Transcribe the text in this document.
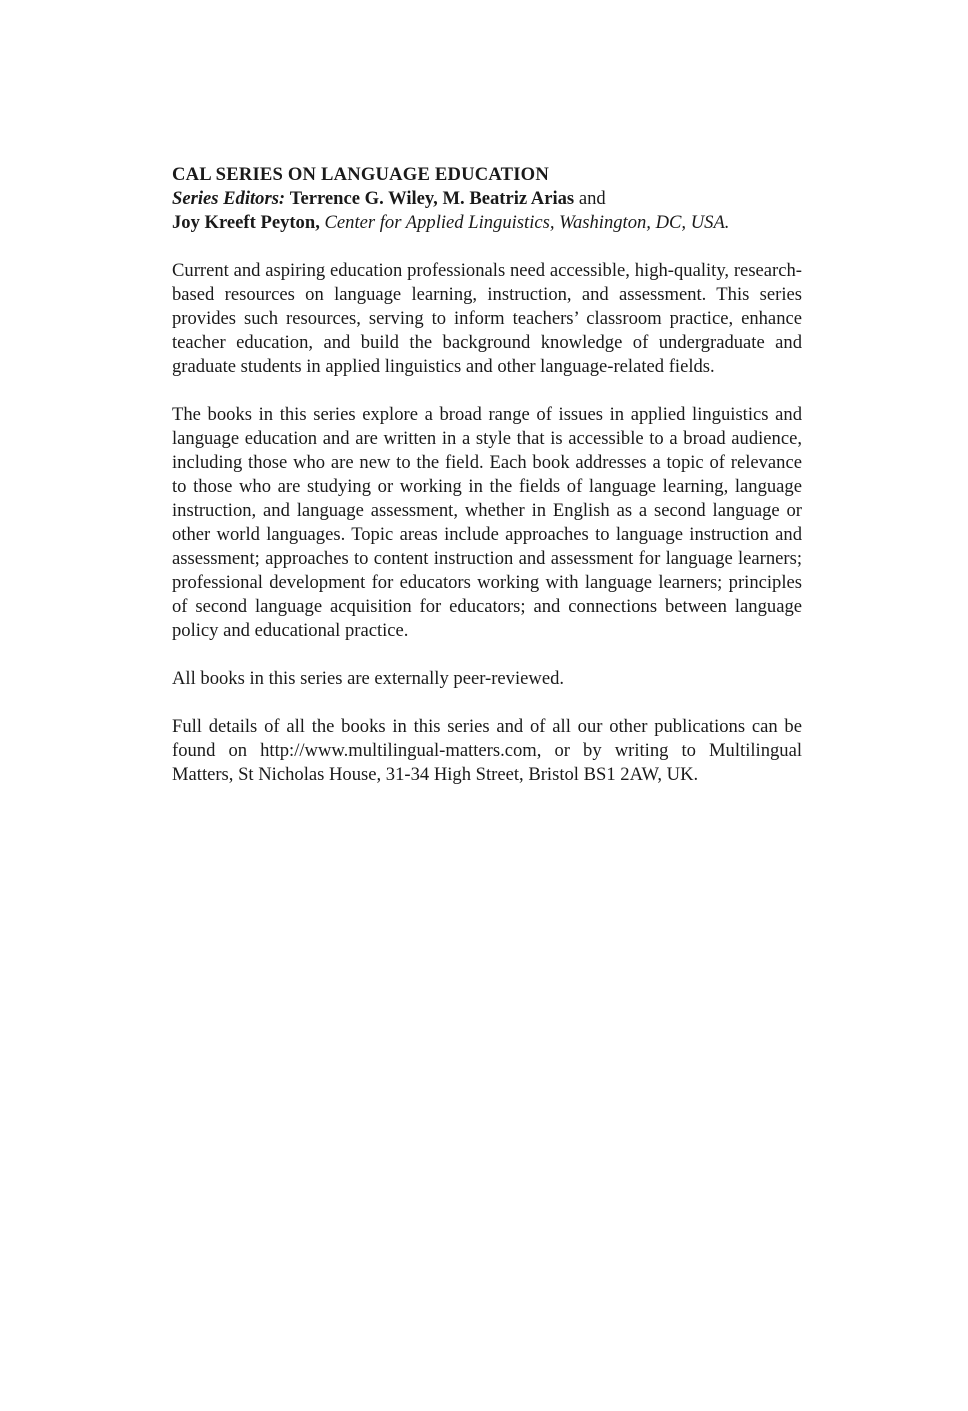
CAL SERIES ON LANGUAGE EDUCATION

Series Editors: Terrence G. Wiley, M. Beatriz Arias and

Joy Kreeft Peyton, Center for Applied Linguistics, Washington, DC, USA.

Current and aspiring education professionals need accessible, high-quality, research-based resources on language learning, instruction, and assessment. This series provides such resources, serving to inform teachers’ classroom practice, enhance teacher education, and build the background knowledge of undergraduate and graduate students in applied linguistics and other language-related fields.

The books in this series explore a broad range of issues in applied linguistics and language education and are written in a style that is accessible to a broad audience, including those who are new to the field. Each book addresses a topic of relevance to those who are studying or working in the fields of language learning, language instruction, and language assessment, whether in English as a second language or other world languages. Topic areas include approaches to language instruction and assessment; approaches to content instruction and assessment for language learners; professional development for educators working with language learners; principles of second language acquisition for educators; and connections between language policy and educational practice.

All books in this series are externally peer-reviewed.

Full details of all the books in this series and of all our other publications can be found on http://www.multilingual-matters.com, or by writing to Multilingual Matters, St Nicholas House, 31-34 High Street, Bristol BS1 2AW, UK.
